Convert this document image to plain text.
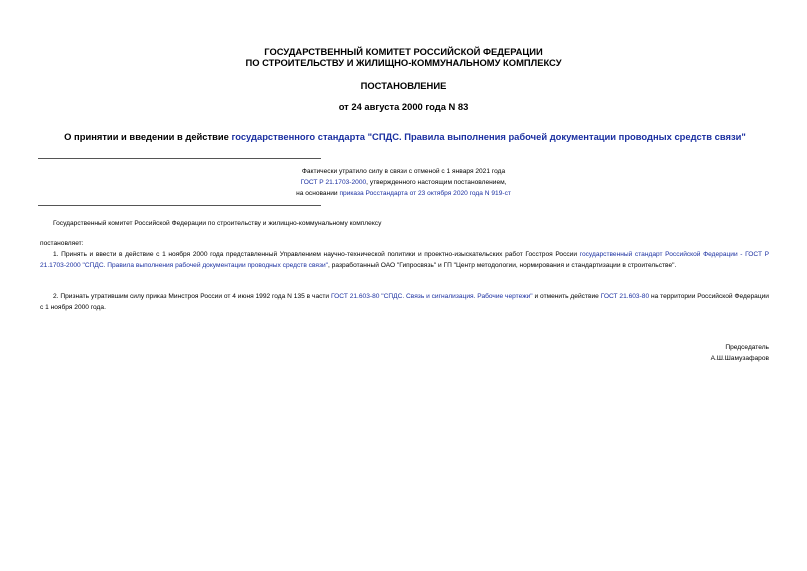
ГОСУДАРСТВЕННЫЙ КОМИТЕТ РОССИЙСКОЙ ФЕДЕРАЦИИ
ПО СТРОИТЕЛЬСТВУ И ЖИЛИЩНО-КОММУНАЛЬНОМУ КОМПЛЕКСУ
ПОСТАНОВЛЕНИЕ
от 24 августа 2000 года N 83
О принятии и введении в действие государственного стандарта "СПДС. Правила выполнения рабочей документации проводных средств связи"
Фактически утратило силу в связи с отменой с 1 января 2021 года
ГОСТ Р 21.1703-2000, утвержденного настоящим постановлением,
на основании приказа Росстандарта от 23 октября 2020 года N 919-ст
Государственный комитет Российской Федерации по строительству и жилищно-коммунальному комплексу
постановляет:
1. Принять и ввести в действие с 1 ноября 2000 года представленный Управлением научно-технической политики и проектно-изыскательских работ Госстроя России государственный стандарт Российской Федерации - ГОСТ Р 21.1703-2000 "СПДС. Правила выполнения рабочей документации проводных средств связи", разработанный ОАО "Гипросвязь" и ГП "Центр методологии, нормирования и стандартизации в строительстве".
2. Признать утратившим силу приказ Минстроя России от 4 июня 1992 года N 135 в части ГОСТ 21.603-80 "СПДС. Связь и сигнализация. Рабочие чертежи" и отменить действие ГОСТ 21.603-80 на территории Российской Федерации с 1 ноября 2000 года.
Председатель
А.Ш.Шамузафаров
